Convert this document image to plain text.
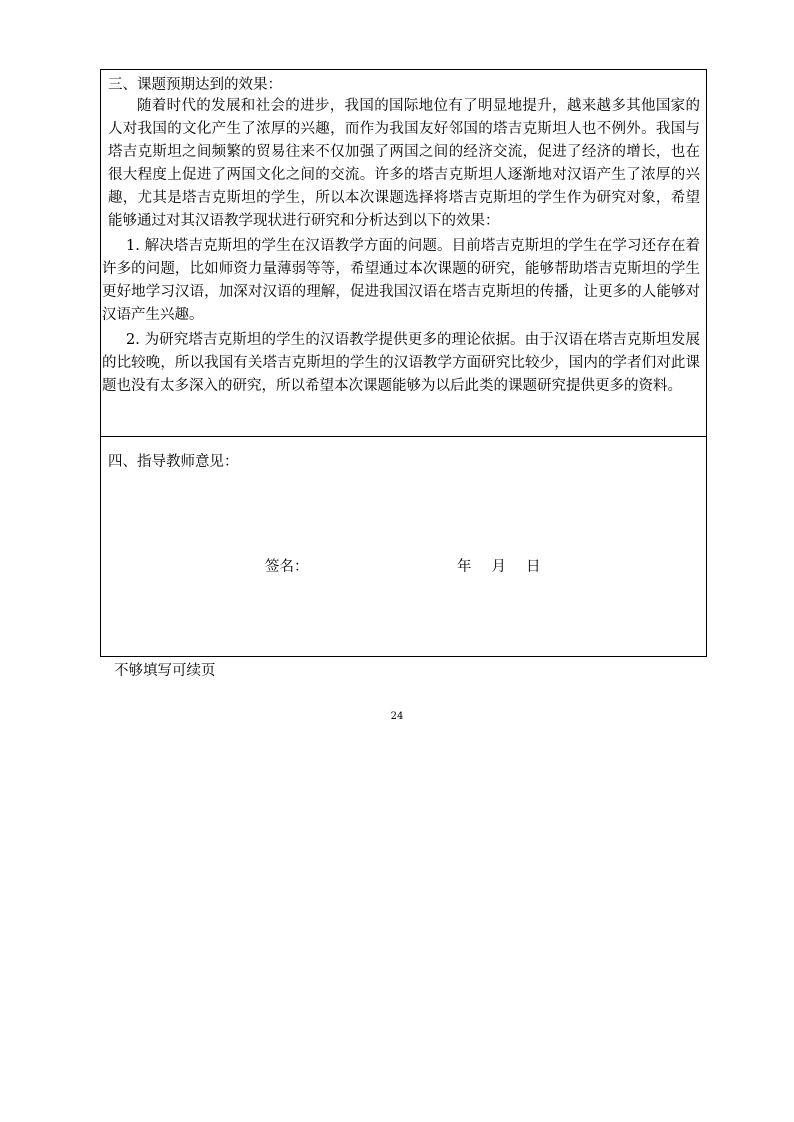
三、课题预期达到的效果：

随着时代的发展和社会的进步，我国的国际地位有了明显地提升，越来越多其他国家的人对我国的文化产生了浓厚的兴趣，而作为我国友好邻国的塔吉克斯坦人也不例外。我国与塔吉克斯坦之间频繁的贸易往来不仅加强了两国之间的经济交流，促进了经济的增长，也在很大程度上促进了两国文化之间的交流。许多的塔吉克斯坦人逐渐地对汉语产生了浓厚的兴趣，尤其是塔吉克斯坦的学生，所以本次课题选择将塔吉克斯坦的学生作为研究对象，希望能够通过对其汉语教学现状进行研究和分析达到以下的效果：

1. 解决塔吉克斯坦的学生在汉语教学方面的问题。目前塔吉克斯坦的学生在学习还存在着许多的问题，比如师资力量薄弱等等，希望通过本次课题的研究，能够帮助塔吉克斯坦的学生更好地学习汉语，加深对汉语的理解，促进我国汉语在塔吉克斯坦的传播，让更多的人能够对汉语产生兴趣。

2. 为研究塔吉克斯坦的学生的汉语教学提供更多的理论依据。由于汉语在塔吉克斯坦发展的比较晚，所以我国有关塔吉克斯坦的学生的汉语教学方面研究比较少，国内的学者们对此课题也没有太多深入的研究，所以希望本次课题能够为以后此类的课题研究提供更多的资料。

四、指导教师意见：
签名：	年 月 日
不够填写可续页
24
